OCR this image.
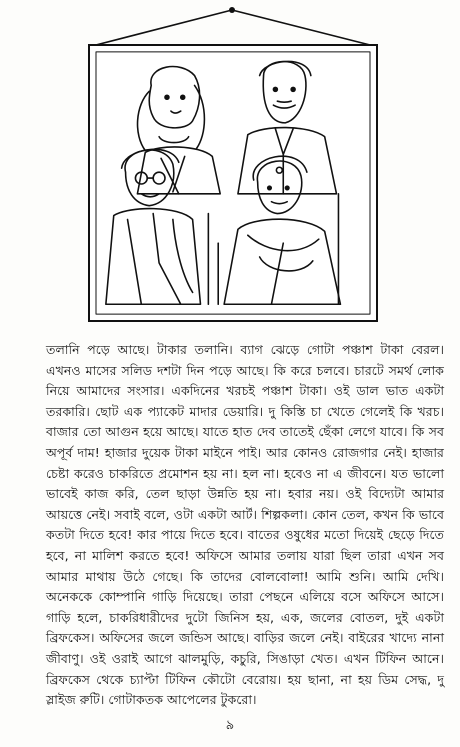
তলানি পড়ে আছে। টাকার তলানি। ব্যাগ ঝেড়ে গোটা পঞ্চাশ টাকা বেরল। এখনও মাসের সলিড দশটা দিন পড়ে আছে। কি করে চলবে। চারটে সমর্থ লোক নিয়ে আমাদের সংসার। একদিনের খরচই পঞ্চাশ টাকা। ওই ডাল ভাত একটা তরকারি। ছোট এক প্যাকেট মাদার ডেয়ারি। দু কিস্তি চা খেতে গেলেই কি খরচ। বাজার তো আগুন হয়ে আছে। যাতে হাত দেব তাতেই ছেঁকা লেগে যাবে। কি সব অপূর্ব দাম! হাজার দুয়েক টাকা মাইনে পাই। আর কোনও রোজগার নেই। হাজার চেষ্টা করেও চাকরিতে প্রমোশন হয় না। হল না। হবেও না এ জীবনে। যত ভালো ভাবেই কাজ করি, তেল ছাড়া উন্নতি হয় না। হবার নয়। ওই বিদ্যেটা আমার আয়ত্তে নেই। সবাই বলে, ওটা একটা আর্ট। শিল্পকলা। কোন তেল, কখন কি ভাবে কতটা দিতে হবে! কার পায়ে দিতে হবে। বাতের ওষুধের মতো দিয়েই ছেড়ে দিতে হবে, না মালিশ করতে হবে! অফিসে আমার তলায় যারা ছিল তারা এখন সব আমার মাথায় উঠে গেছে। কি তাদের বোলবোলা! আমি শুনি। আমি দেখি। অনেককে কোম্পানি গাড়ি দিয়েছে। তারা পেছনে এলিয়ে বসে অফিসে আসে। গাড়ি হলে, চাকরিধারীদের দুটো জিনিস হয়, এক, জলের বোতল, দুই একটা ব্রিফকেস। অফিসের জলে জন্ডিস আছে। বাড়ির জলে নেই। বাইরের খাদ্যে নানা জীবাণু। ওই ওরাই আগে ঝালমুড়ি, কচুরি, সিঙাড়া খেত। এখন টিফিন আনে। ব্রিফকেস থেকে চ্যাপ্টা টিফিন কৌটো বেরোয়। হয় ছানা, না হয় ডিম সেদ্ধ, দু স্লাইজ রুটি। গোটাকতক আপেলের টুকরো।

৯
